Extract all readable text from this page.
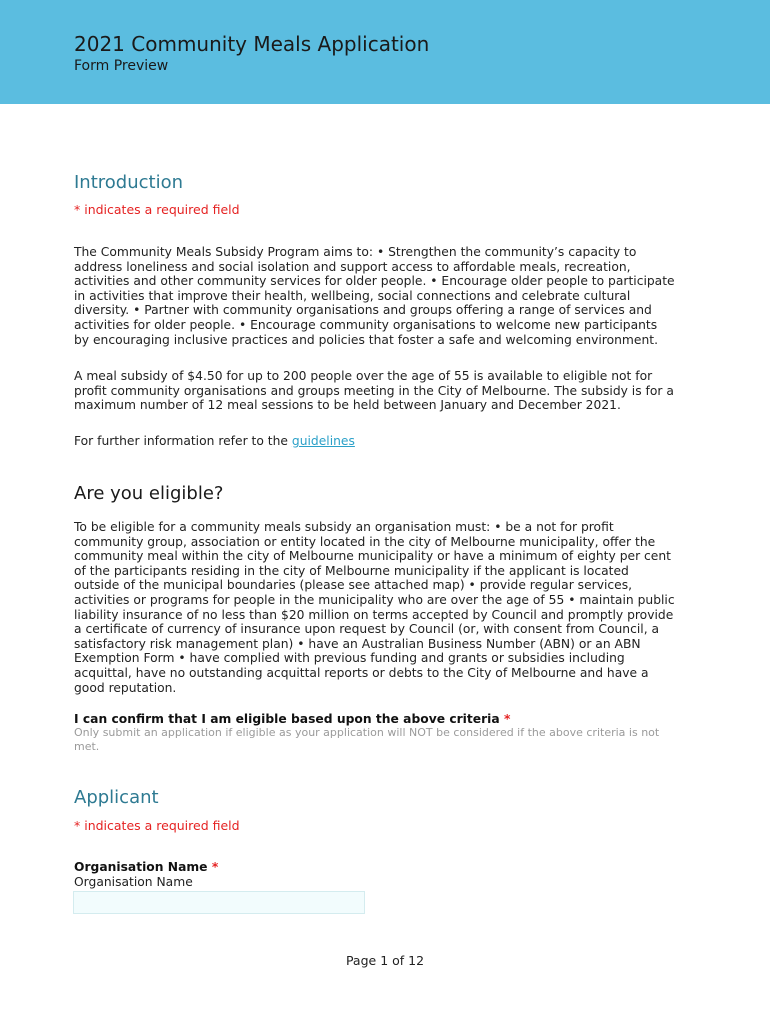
2021 Community Meals Application
Form Preview
Introduction
* indicates a required field
The Community Meals Subsidy Program aims to: • Strengthen the community’s capacity to address loneliness and social isolation and support access to affordable meals, recreation, activities and other community services for older people. • Encourage older people to participate in activities that improve their health, wellbeing, social connections and celebrate cultural diversity. • Partner with community organisations and groups offering a range of services and activities for older people. • Encourage community organisations to welcome new participants by encouraging inclusive practices and policies that foster a safe and welcoming environment.
A meal subsidy of $4.50 for up to 200 people over the age of 55 is available to eligible not for profit community organisations and groups meeting in the City of Melbourne. The subsidy is for a maximum number of 12 meal sessions to be held between January and December 2021.
For further information refer to the guidelines
Are you eligible?
To be eligible for a community meals subsidy an organisation must: • be a not for profit community group, association or entity located in the city of Melbourne municipality, offer the community meal within the city of Melbourne municipality or have a minimum of eighty per cent of the participants residing in the city of Melbourne municipality if the applicant is located outside of the municipal boundaries (please see attached map) • provide regular services, activities or programs for people in the municipality who are over the age of 55 • maintain public liability insurance of no less than $20 million on terms accepted by Council and promptly provide a certificate of currency of insurance upon request by Council (or, with consent from Council, a satisfactory risk management plan) • have an Australian Business Number (ABN) or an ABN Exemption Form • have complied with previous funding and grants or subsidies including acquittal, have no outstanding acquittal reports or debts to the City of Melbourne and have a good reputation.
I can confirm that I am eligible based upon the above criteria *
Only submit an application if eligible as your application will NOT be considered if the above criteria is not met.
Applicant
* indicates a required field
Organisation Name *
Organisation Name
Page 1 of 12
